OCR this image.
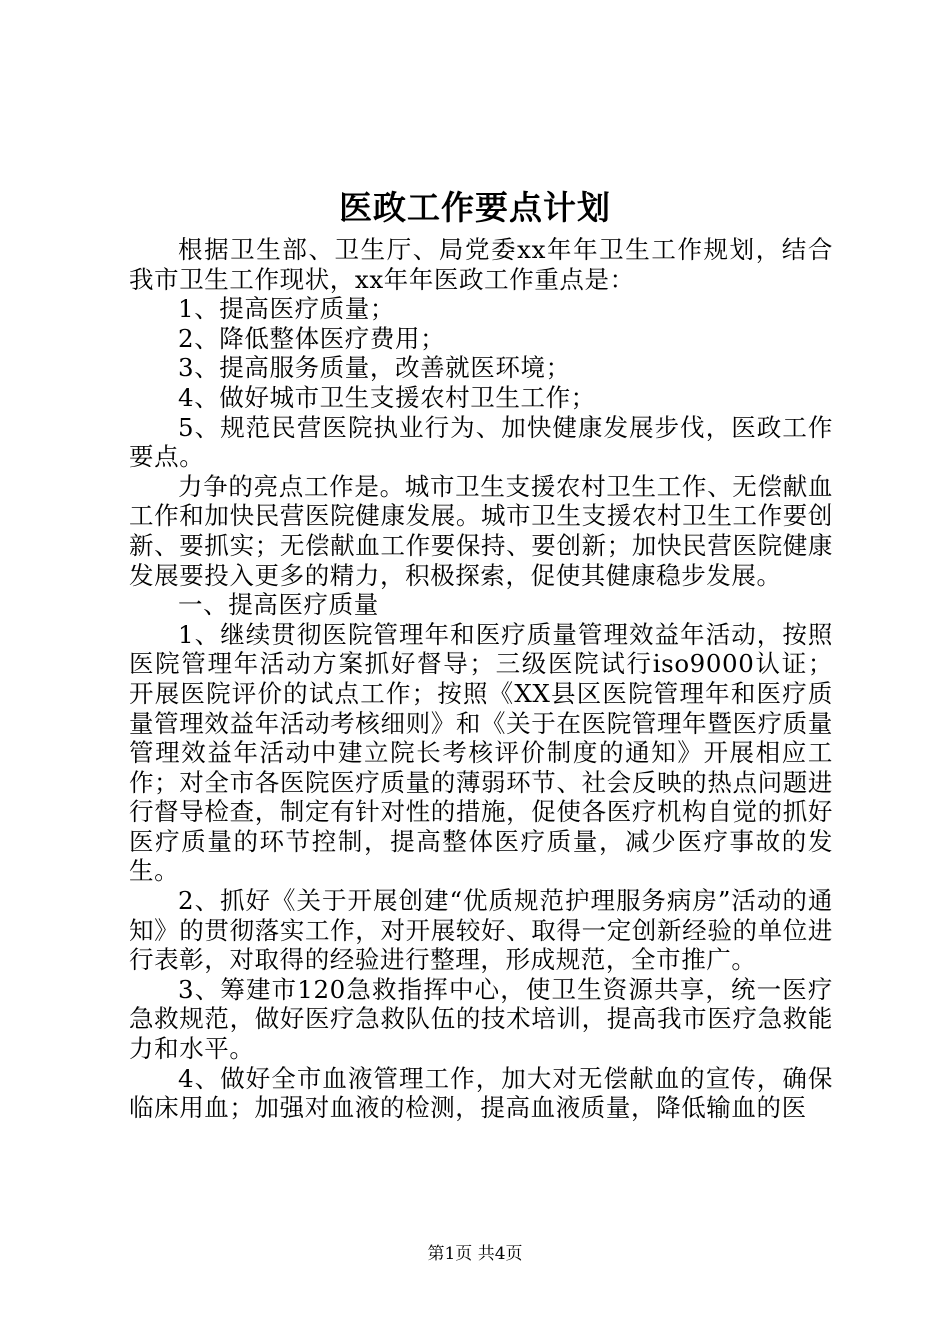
医政工作要点计划

根据卫生部、卫生厅、局党委xx年年卫生工作规划，结合我市卫生工作现状，xx年年医政工作重点是：

1、提高医疗质量；

2、降低整体医疗费用；

3、提高服务质量，改善就医环境；

4、做好城市卫生支援农村卫生工作；

5、规范民营医院执业行为、加快健康发展步伐，医政工作要点。

力争的亮点工作是。城市卫生支援农村卫生工作、无偿献血工作和加快民营医院健康发展。城市卫生支援农村卫生工作要创新、要抓实；无偿献血工作要保持、要创新；加快民营医院健康发展要投入更多的精力，积极探索，促使其健康稳步发展。

一、提高医疗质量

1、继续贯彻医院管理年和医疗质量管理效益年活动，按照医院管理年活动方案抓好督导；三级医院试行iso9000认证；开展医院评价的试点工作；按照《XX县区医院管理年和医疗质量管理效益年活动考核细则》和《关于在医院管理年暨医疗质量管理效益年活动中建立院长考核评价制度的通知》开展相应工作；对全市各医院医疗质量的薄弱环节、社会反映的热点问题进行督导检查，制定有针对性的措施，促使各医疗机构自觉的抓好医疗质量的环节控制，提高整体医疗质量，减少医疗事故的发生。

2、抓好《关于开展创建“优质规范护理服务病房”活动的通知》的贯彻落实工作，对开展较好、取得一定创新经验的单位进行表彰，对取得的经验进行整理，形成规范，全市推广。

3、筹建市120急救指挥中心，使卫生资源共享，统一医疗急救规范，做好医疗急救队伍的技术培训，提高我市医疗急救能力和水平。

4、做好全市血液管理工作，加大对无偿献血的宣传，确保临床用血；加强对血液的检测，提高血液质量，降低输血的医

第1页 共4页
